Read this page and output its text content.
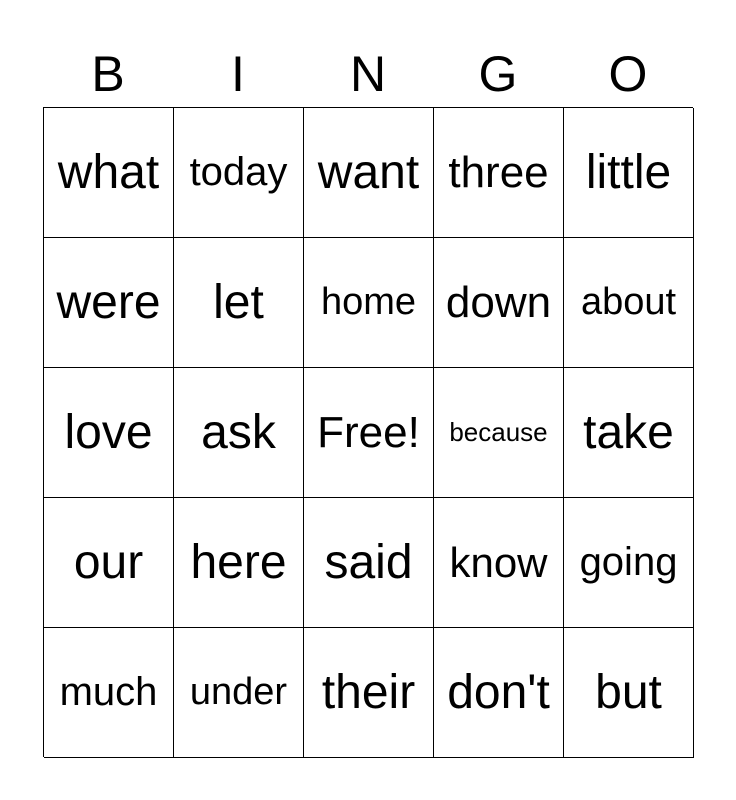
B	I	N	G	O
what today want three little
were	let	home down about
love	ask Free!	because take
our here said know going
much under their don't but
